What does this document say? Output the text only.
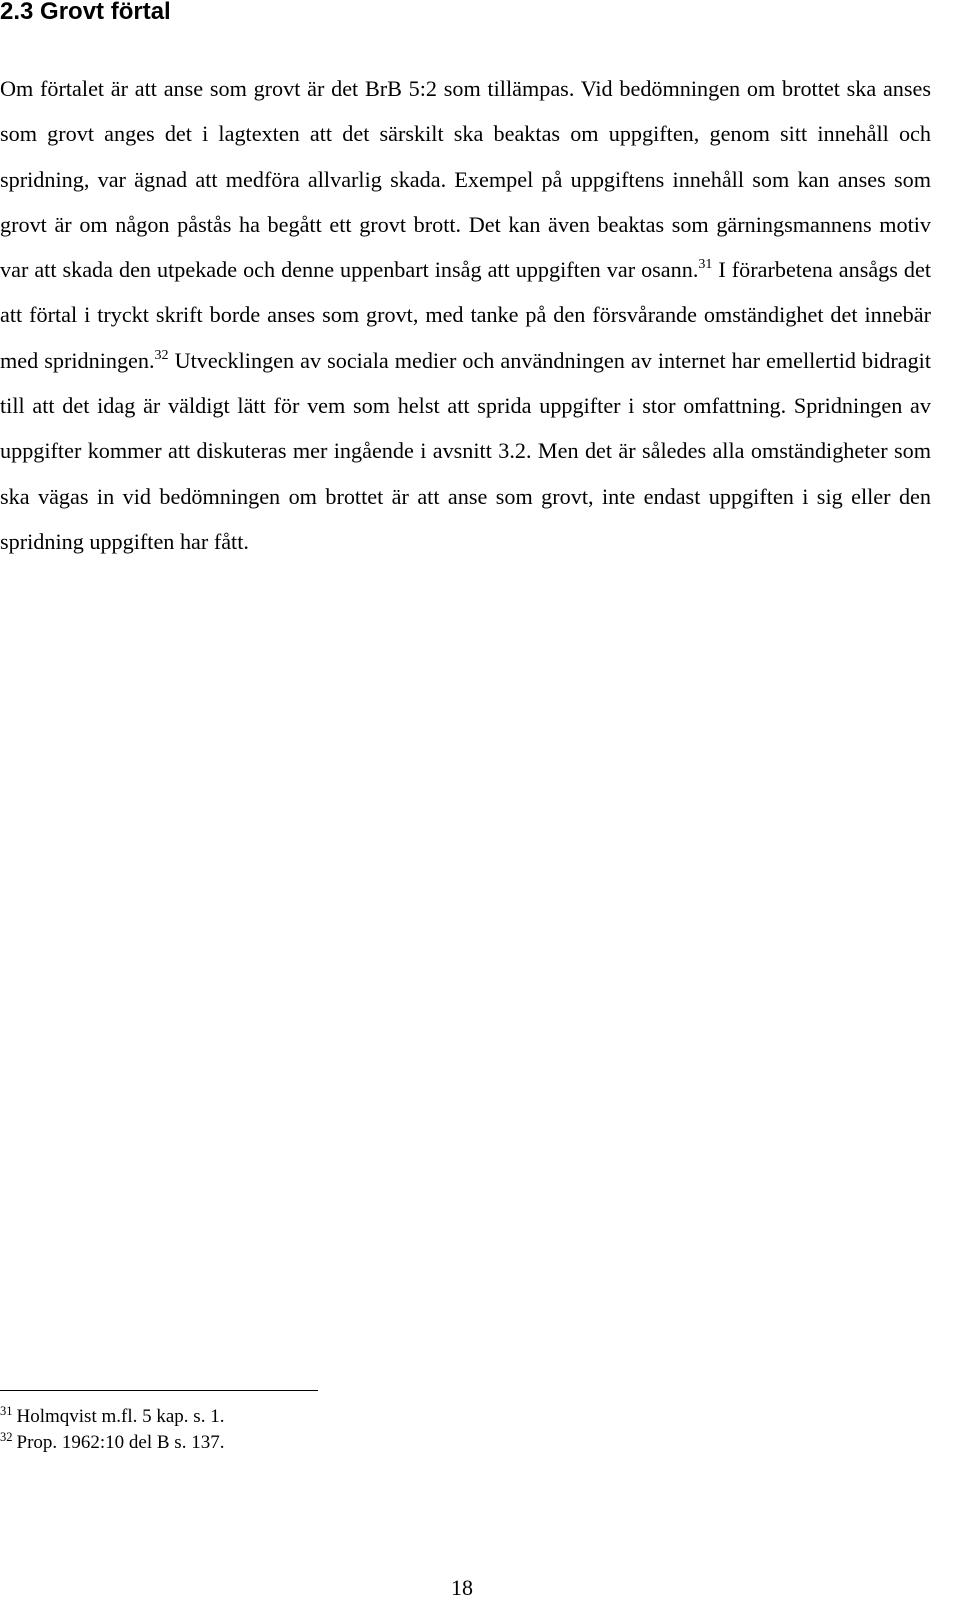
2.3 Grovt förtal

Om förtalet är att anse som grovt är det BrB 5:2 som tillämpas. Vid bedömningen om brottet ska anses som grovt anges det i lagtexten att det särskilt ska beaktas om uppgiften, genom sitt innehåll och spridning, var ägnad att medföra allvarlig skada. Exempel på uppgiftens innehåll som kan anses som grovt är om någon påstås ha begått ett grovt brott. Det kan även beaktas som gärningsmannens motiv var att skada den utpekade och denne uppenbart insåg att uppgiften var osann.$^{31}$ I förarbetena ansågs det att förtal i tryckt skrift borde anses som grovt, med tanke på den försvårande omständighet det innebär med spridningen.$^{32}$ Utvecklingen av sociala medier och användningen av internet har emellertid bidragit till att det idag är väldigt lätt för vem som helst att sprida uppgifter i stor omfattning. Spridningen av uppgifter kommer att diskuteras mer ingående i avsnitt 3.2. Men det är således alla omständigheter som ska vägas in vid bedömningen om brottet är att anse som grovt, inte endast uppgiften i sig eller den spridning uppgiften har fått.

$^{31}$ Holmqvist m.fl. 5 kap. s. 1.
$^{32}$ Prop. 1962:10 del B s. 137.
18
